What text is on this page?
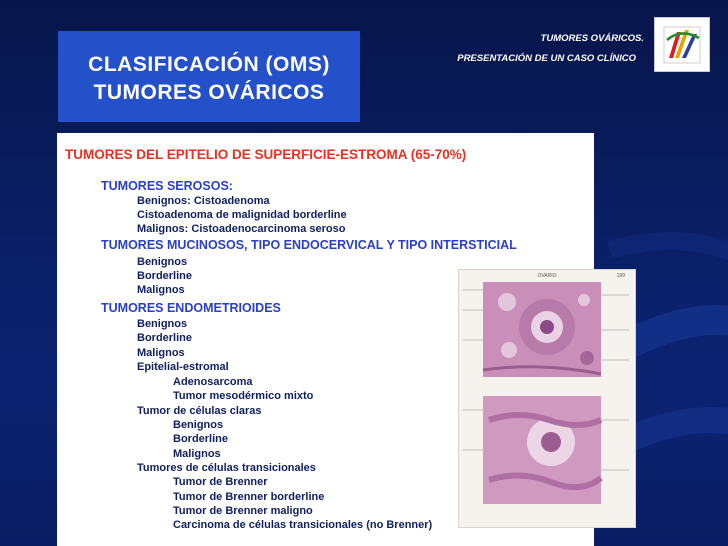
TUMORES OVÁRICOS.
PRESENTACIÓN DE UN CASO CLÍNICO
CLASIFICACIÓN (OMS)
TUMORES OVÁRICOS
TUMORES DEL EPITELIO DE SUPERFICIE-ESTROMA (65-70%)
TUMORES SEROSOS:
Benignos: Cistoadenoma
Cistoadenoma de malignidad borderline
Malignos: Cistoadenocarcinoma seroso
TUMORES MUCINOSOS, TIPO ENDOCERVICAL Y TIPO INTERSTICIAL
Benignos
Borderline
Malignos
TUMORES ENDOMETRIOIDES
Benignos
Borderline
Malignos
Epitelial-estromal
Adenosarcoma
Tumor mesodérmico mixto
Tumor de células claras
Benignos
Borderline
Malignos
Tumores de células transicionales
Tumor de Brenner
Tumor de Brenner borderline
Tumor de Brenner maligno
Carcinoma de células transicionales (no Brenner)
OVARIO	199
